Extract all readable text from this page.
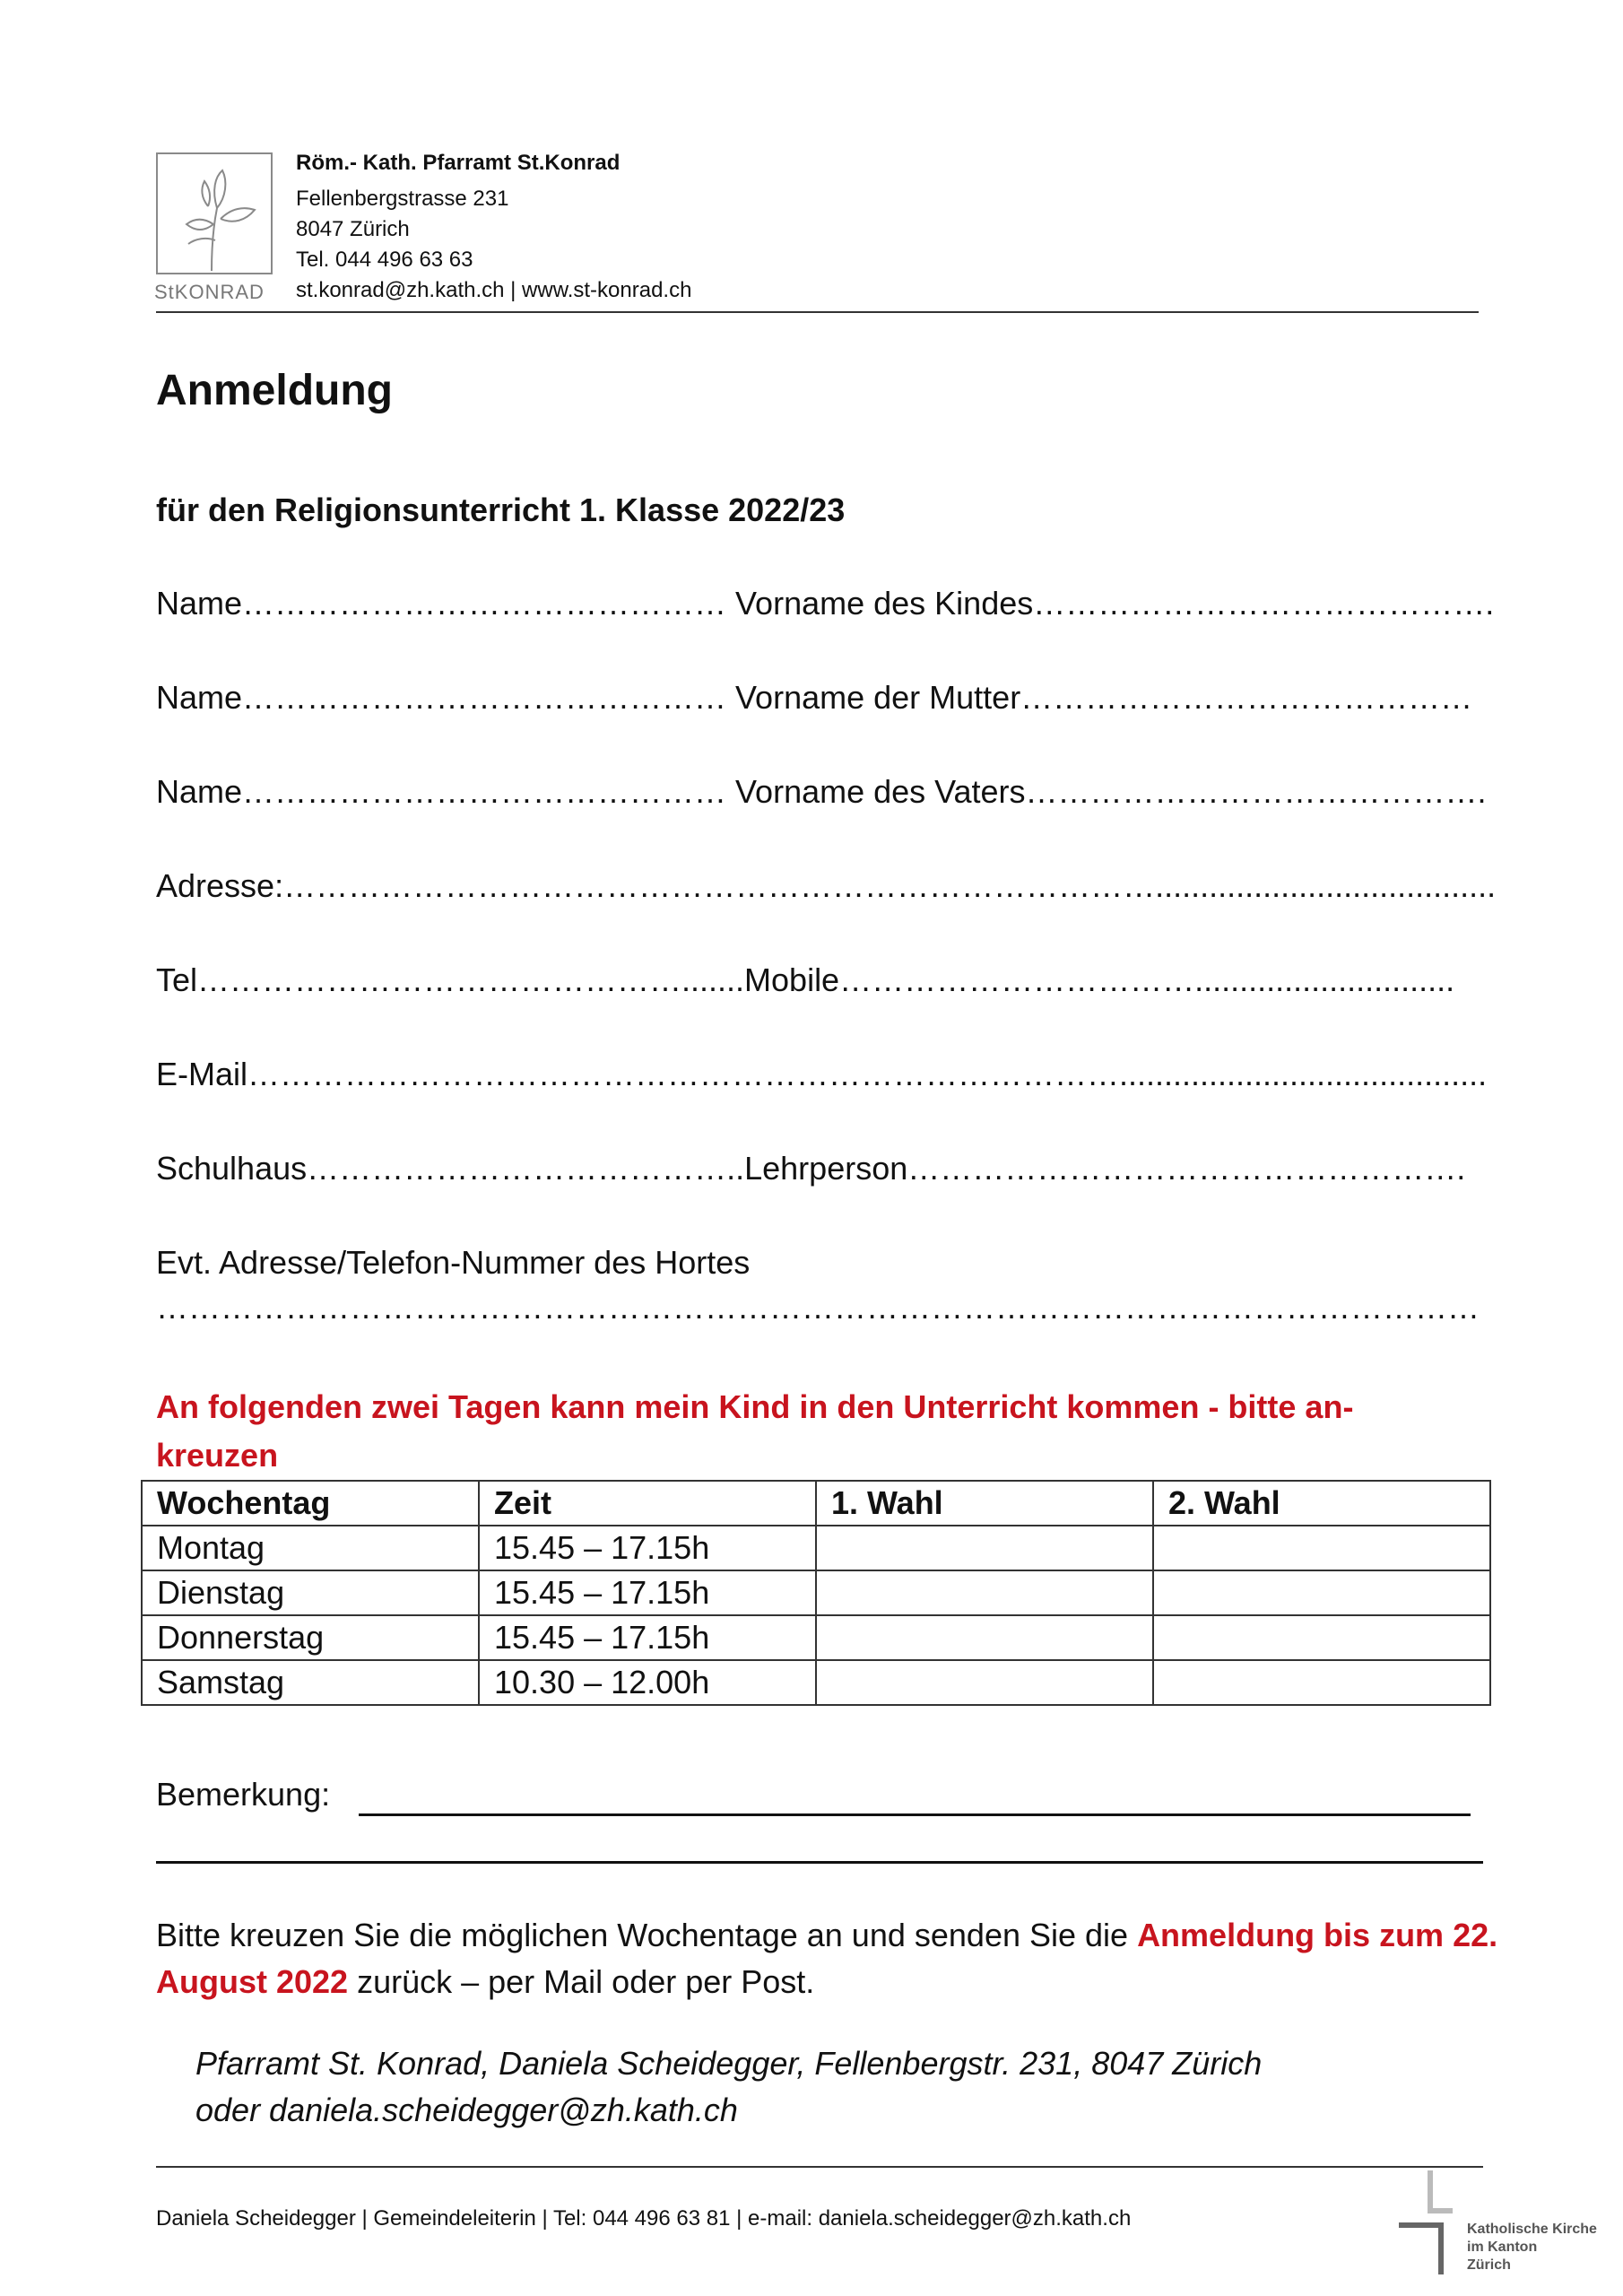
StKONRAD
Röm.- Kath. Pfarramt St.Konrad
Fellenbergstrasse 231
8047 Zürich
Tel. 044 496 63 63
st.konrad@zh.kath.ch | www.st-konrad.ch
Anmeldung
für den Religionsunterricht 1. Klasse 2022/23
Name……………………………………… Vorname des Kindes…………………………………….
Name……………………………………… Vorname der Mutter……………………………………
Name……………………………………… Vorname des Vaters…………………………………….
Adresse:………………………………………………………………………......................................
Tel……………………………………….......Mobile…………………………….............................
E-Mail……………………………………………………………………….........................................
Schulhaus…………………………………..Lehrperson…………………………………………….
Evt. Adresse/Telefon-Nummer des Hortes
……………………………………………………………………………………………………………
An folgenden zwei Tagen kann mein Kind in den Unterricht kommen - bitte an-kreuzen
Wochentag	Zeit	1. Wahl	2. Wahl
Montag	15.45 – 17.15h		
Dienstag	15.45 – 17.15h		
Donnerstag	15.45 – 17.15h		
Samstag	10.30 – 12.00h		
Bemerkung:
Bitte kreuzen Sie die möglichen Wochentage an und senden Sie die Anmeldung bis zum 22. August 2022 zurück – per Mail oder per Post.
Pfarramt St. Konrad, Daniela Scheidegger, Fellenbergstr. 231, 8047 Zürich
oder daniela.scheidegger@zh.kath.ch
Daniela Scheidegger | Gemeindeleiterin | Tel: 044 496 63 81 | e-mail: daniela.scheidegger@zh.kath.ch	Katholische Kirche
im Kanton
Zürich
